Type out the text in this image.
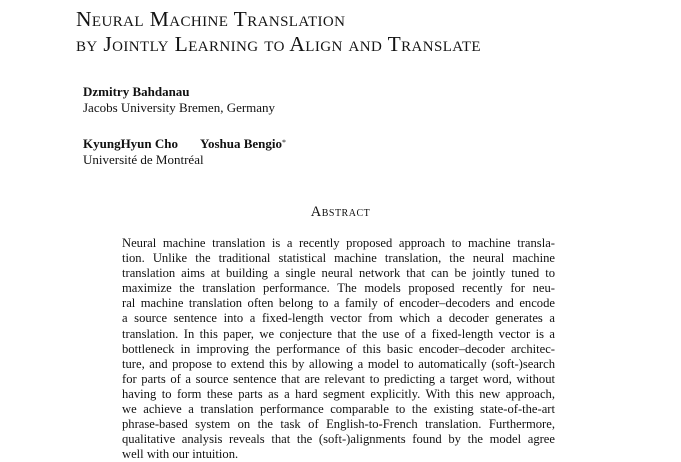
Neural Machine Translation
by Jointly Learning to Align and Translate
Dzmitry Bahdanau
Jacobs University Bremen, Germany
KyungHyun Cho Yoshua Bengio*
Université de Montréal
Abstract
Neural machine translation is a recently proposed approach to machine transla-
tion. Unlike the traditional statistical machine translation, the neural machine
translation aims at building a single neural network that can be jointly tuned to
maximize the translation performance. The models proposed recently for neu-
ral machine translation often belong to a family of encoder–decoders and encode
a source sentence into a fixed-length vector from which a decoder generates a
translation. In this paper, we conjecture that the use of a fixed-length vector is a
bottleneck in improving the performance of this basic encoder–decoder architec-
ture, and propose to extend this by allowing a model to automatically (soft-)search
for parts of a source sentence that are relevant to predicting a target word, without
having to form these parts as a hard segment explicitly. With this new approach,
we achieve a translation performance comparable to the existing state-of-the-art
phrase-based system on the task of English-to-French translation. Furthermore,
qualitative analysis reveals that the (soft-)alignments found by the model agree
well with our intuition.
